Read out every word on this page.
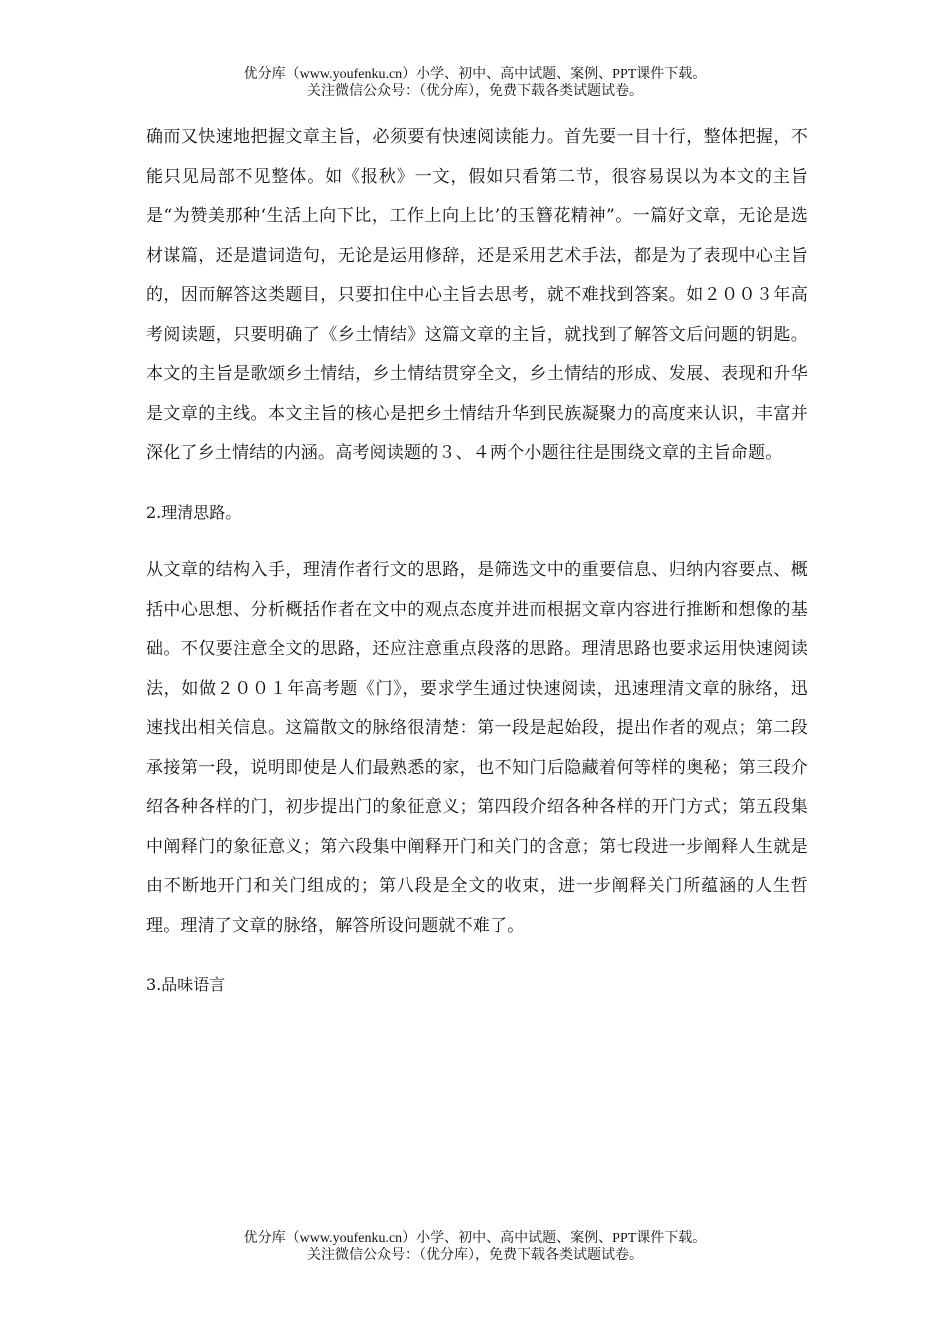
优分库（www.youfenku.cn）小学、初中、高中试题、案例、PPT课件下载。
关注微信公众号：（优分库），免费下载各类试题试卷。

确而又快速地把握文章主旨，必须要有快速阅读能力。首先要一目十行，整体把握，不能只见局部不见整体。如《报秋》一文，假如只看第二节，很容易误以为本文的主旨是“为赞美那种‘生活上向下比，工作上向上比’的玉簪花精神”。一篇好文章，无论是选材谋篇，还是遣词造句，无论是运用修辞，还是采用艺术手法，都是为了表现中心主旨的，因而解答这类题目，只要扣住中心主旨去思考，就不难找到答案。如２００３年高考阅读题，只要明确了《乡土情结》这篇文章的主旨，就找到了解答文后问题的钥匙。本文的主旨是歌颂乡土情结，乡土情结贯穿全文，乡土情结的形成、发展、表现和升华是文章的主线。本文主旨的核心是把乡土情结升华到民族凝聚力的高度来认识，丰富并深化了乡土情结的内涵。高考阅读题的３、４两个小题往往是围绕文章的主旨命题。

2.理清思路。

从文章的结构入手，理清作者行文的思路，是筛选文中的重要信息、归纳内容要点、概括中心思想、分析概括作者在文中的观点态度并进而根据文章内容进行推断和想像的基础。不仅要注意全文的思路，还应注意重点段落的思路。理清思路也要求运用快速阅读法，如做２００１年高考题《门》，要求学生通过快速阅读，迅速理清文章的脉络，迅速找出相关信息。这篇散文的脉络很清楚：第一段是起始段，提出作者的观点；第二段承接第一段，说明即使是人们最熟悉的家，也不知门后隐藏着何等样的奥秘；第三段介绍各种各样的门，初步提出门的象征意义；第四段介绍各种各样的开门方式；第五段集中阐释门的象征意义；第六段集中阐释开门和关门的含意；第七段进一步阐释人生就是由不断地开门和关门组成的；第八段是全文的收束，进一步阐释关门所蕴涵的人生哲理。理清了文章的脉络，解答所设问题就不难了。

3.品味语言

优分库（www.youfenku.cn）小学、初中、高中试题、案例、PPT课件下载。
关注微信公众号：（优分库），免费下载各类试题试卷。
